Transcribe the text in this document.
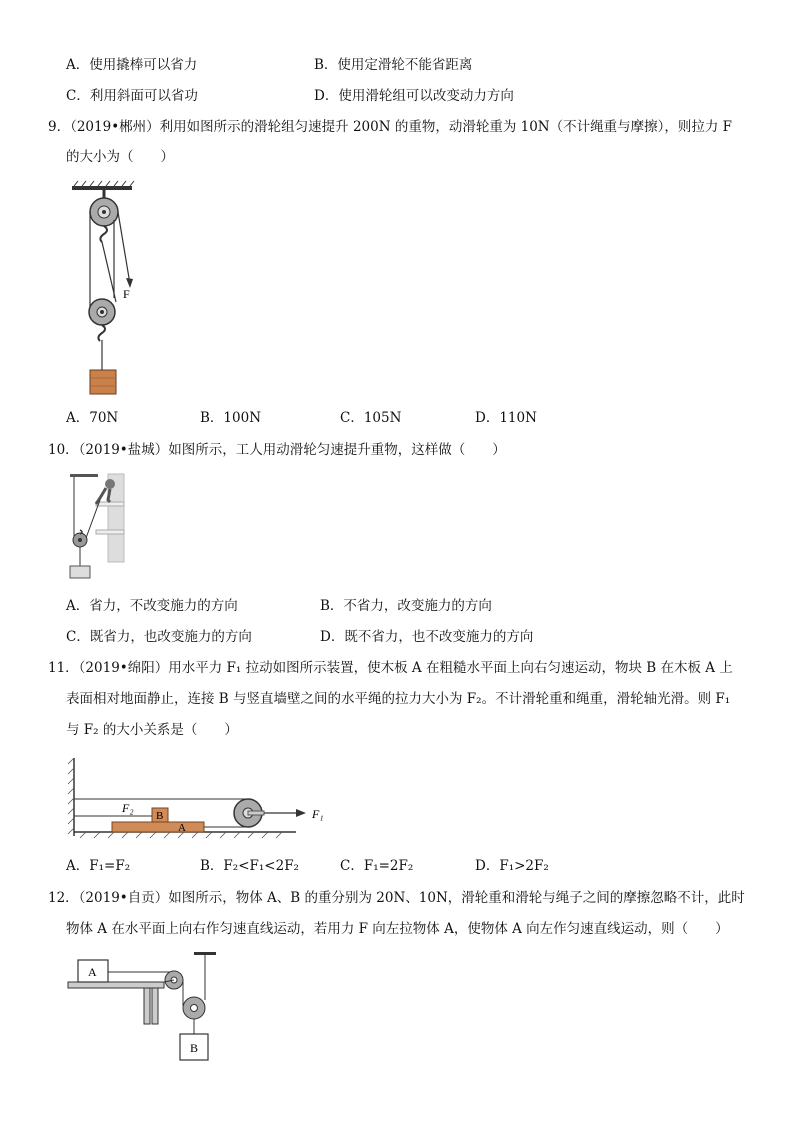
A．使用撬棒可以省力	B．使用定滑轮不能省距离
C．利用斜面可以省功	D．使用滑轮组可以改变动力方向
9．（2019•郴州）利用如图所示的滑轮组匀速提升 200N 的重物，动滑轮重为 10N（不计绳重与摩擦），则拉力 F
的大小为（　　）
F
A．70N	B．100N	C．105N	D．110N
10．（2019•盐城）如图所示，工人用动滑轮匀速提升重物，这样做（　　）
A．省力，不改变施力的方向	B．不省力，改变施力的方向
C．既省力，也改变施力的方向	D．既不省力，也不改变施力的方向
11．（2019•绵阳）用水平力 F₁ 拉动如图所示装置，使木板 A 在粗糙水平面上向右匀速运动，物块 B 在木板 A 上
表面相对地面静止，连接 B 与竖直墙壁之间的水平绳的拉力大小为 F₂。不计滑轮重和绳重，滑轮轴光滑。则 F₁
与 F₂ 的大小关系是（　　）
F₂
B
A
F₁
A．F₁=F₂	B．F₂<F₁<2F₂	C．F₁=2F₂	D．F₁>2F₂
12．（2019•自贡）如图所示，物体 A、B 的重分别为 20N、10N，滑轮重和滑轮与绳子之间的摩擦忽略不计，此时
物体 A 在水平面上向右作匀速直线运动，若用力 F 向左拉物体 A，使物体 A 向左作匀速直线运动，则（　　）
A
B
